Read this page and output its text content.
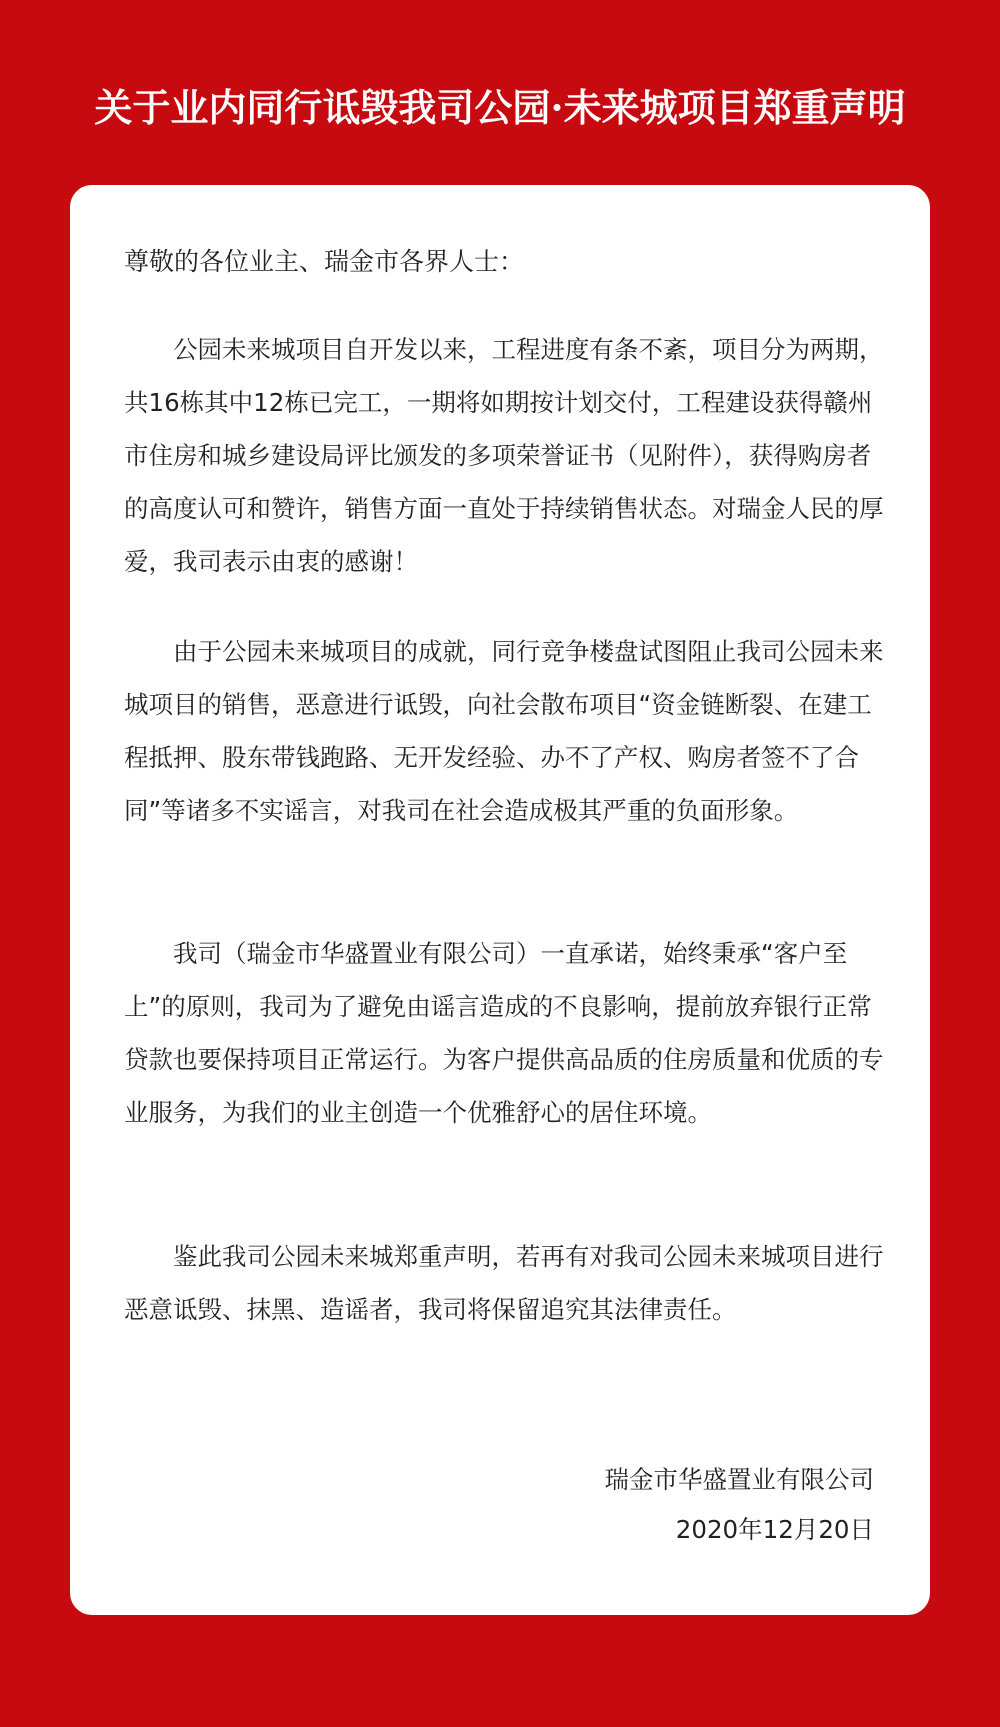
关于业内同行诋毁我司公园·未来城项目郑重声明
尊敬的各位业主、瑞金市各界人士：

公园未来城项目自开发以来，工程进度有条不紊，项目分为两期，共16栋其中12栋已完工，一期将如期按计划交付，工程建设获得赣州市住房和城乡建设局评比颁发的多项荣誉证书（见附件），获得购房者的高度认可和赞许，销售方面一直处于持续销售状态。对瑞金人民的厚爱，我司表示由衷的感谢！

由于公园未来城项目的成就，同行竞争楼盘试图阻止我司公园未来城项目的销售，恶意进行诋毁，向社会散布项目“资金链断裂、在建工程抵押、股东带钱跑路、无开发经验、办不了产权、购房者签不了合同”等诸多不实谣言，对我司在社会造成极其严重的负面形象。

我司（瑞金市华盛置业有限公司）一直承诺，始终秉承“客户至上”的原则，我司为了避免由谣言造成的不良影响，提前放弃银行正常贷款也要保持项目正常运行。为客户提供高品质的住房质量和优质的专业服务，为我们的业主创造一个优雅舒心的居住环境。

鉴此我司公园未来城郑重声明，若再有对我司公园未来城项目进行恶意诋毁、抹黑、造谣者，我司将保留追究其法律责任。

瑞金市华盛置业有限公司
2020年12月20日
